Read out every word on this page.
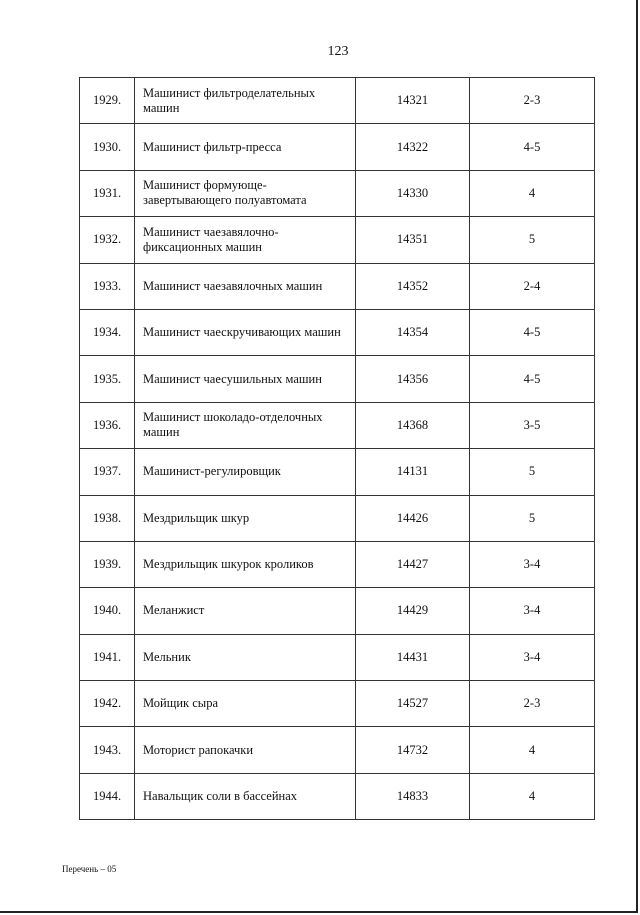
123
1929.	Машинист фильтроделательных машин	14321	2-3
1930.	Машинист фильтр-пресса	14322	4-5
1931.	Машинист формующе-завертывающего полуавтомата	14330	4
1932.	Машинист чаезавялочно-фиксационных машин	14351	5
1933.	Машинист чаезавялочных машин	14352	2-4
1934.	Машинист чаескручивающих машин	14354	4-5
1935.	Машинист чаесушильных машин	14356	4-5
1936.	Машинист шоколадо-отделочных машин	14368	3-5
1937.	Машинист-регулировщик	14131	5
1938.	Мездрильщик шкур	14426	5
1939.	Мездрильщик шкурок кроликов	14427	3-4
1940.	Меланжист	14429	3-4
1941.	Мельник	14431	3-4
1942.	Мойщик сыра	14527	2-3
1943.	Моторист рапокачки	14732	4
1944.	Навальщик соли в бассейнах	14833	4
Перечень – 05
